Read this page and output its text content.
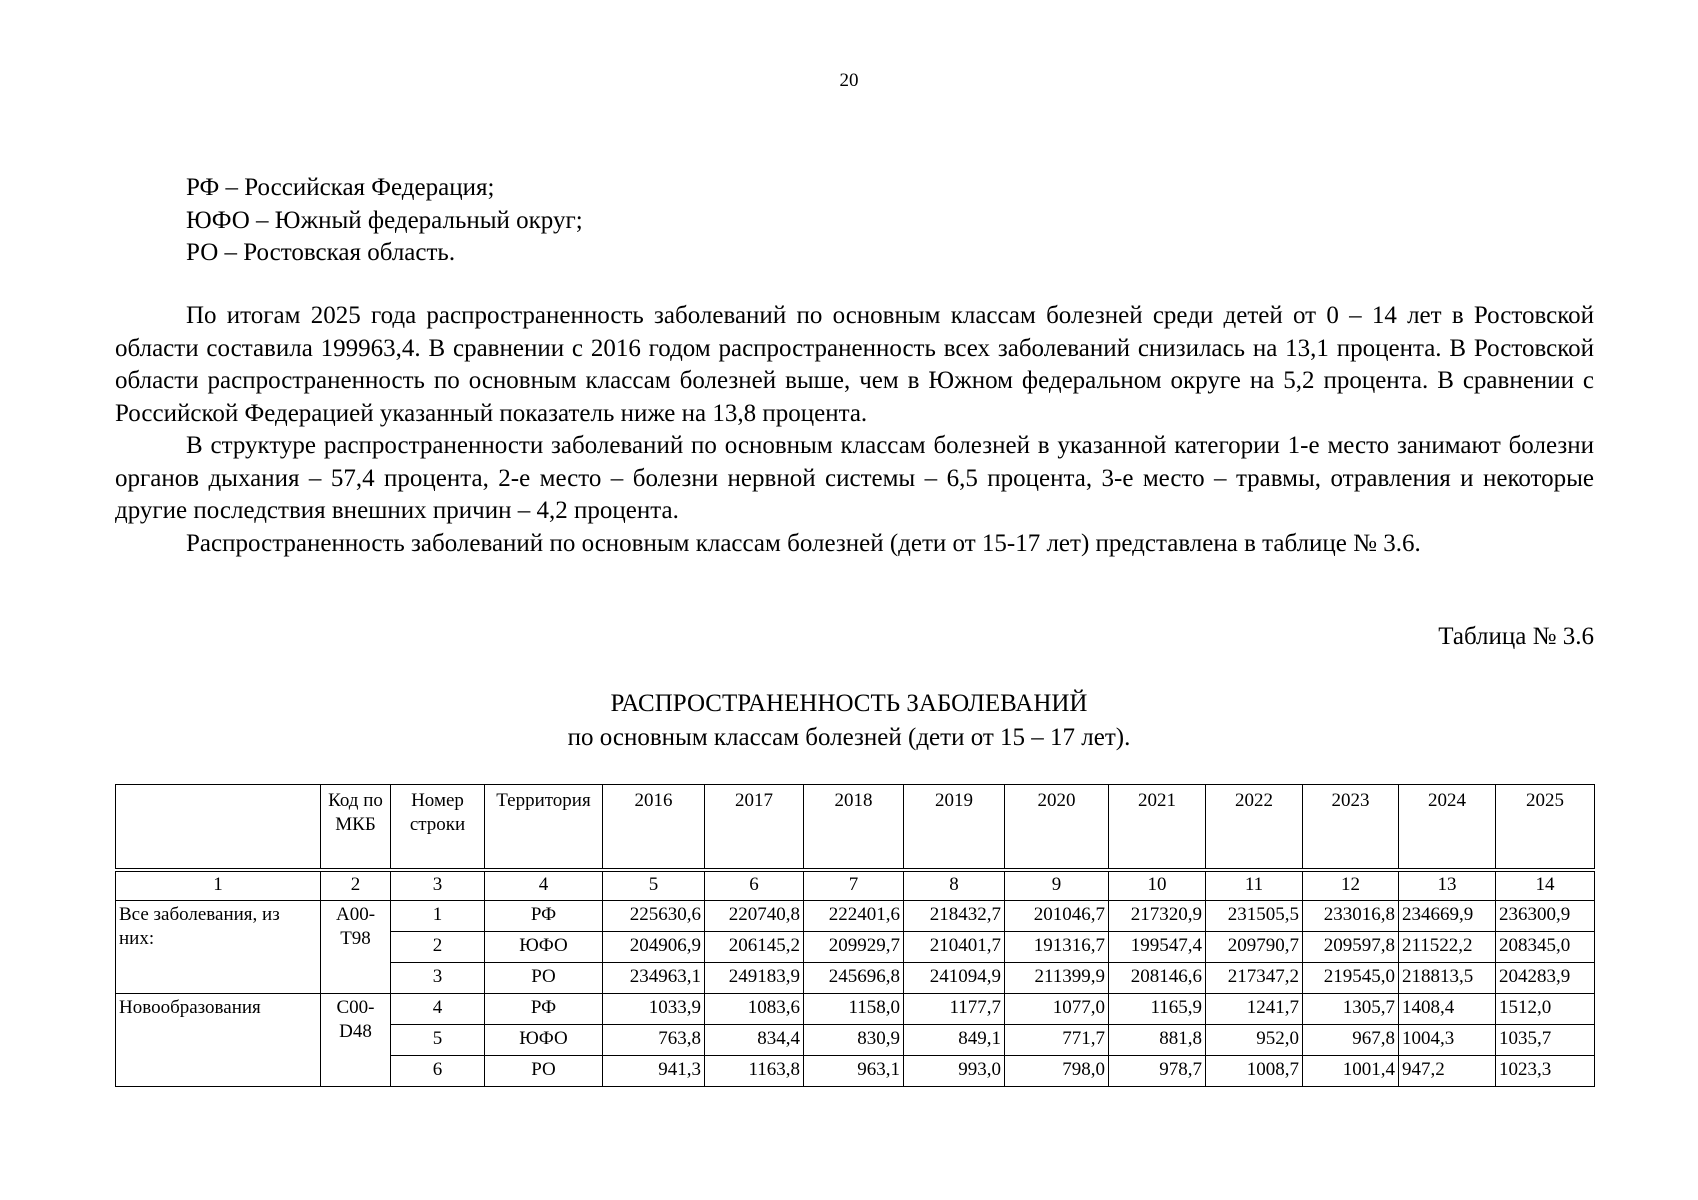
20
РФ – Российская Федерация;
ЮФО – Южный федеральный округ;
РО – Ростовская область.

По итогам 2025 года распространенность заболеваний по основным классам болезней среди детей от 0 – 14 лет в Ростовской области составила 199963,4. В сравнении с 2016 годом распространенность всех заболеваний снизилась на 13,1 процента. В Ростовской области распространенность по основным классам болезней выше, чем в Южном федеральном округе на 5,2 процента. В сравнении с Российской Федерацией указанный показатель ниже на 13,8 процента.

В структуре распространенности заболеваний по основным классам болезней в указанной категории 1-е место занимают болезни органов дыхания – 57,4 процента, 2-е место – болезни нервной системы – 6,5 процента, 3-е место – травмы, отравления и некоторые другие последствия внешних причин – 4,2 процента.

Распространенность заболеваний по основным классам болезней (дети от 15-17 лет) представлена в таблице № 3.6.

Таблица № 3.6
РАСПРОСТРАНЕННОСТЬ ЗАБОЛЕВАНИЙ
по основным классам болезней (дети от 15 – 17 лет).
	Код по МКБ	Номер строки	Территория	2016	2017	2018	2019	2020	2021	2022	2023	2024	2025
1	2	3	4	5	6	7	8	9	10	11	12	13	14
Все заболевания, из них:	А00-Т98	1	РФ	225630,6	220740,8	222401,6	218432,7	201046,7	217320,9	231505,5	233016,8	234669,9	236300,9
		2	ЮФО	204906,9	206145,2	209929,7	210401,7	191316,7	199547,4	209790,7	209597,8	211522,2	208345,0
		3	РО	234963,1	249183,9	245696,8	241094,9	211399,9	208146,6	217347,2	219545,0	218813,5	204283,9
Новообразования	С00-D48	4	РФ	1033,9	1083,6	1158,0	1177,7	1077,0	1165,9	1241,7	1305,7	1408,4	1512,0
		5	ЮФО	763,8	834,4	830,9	849,1	771,7	881,8	952,0	967,8	1004,3	1035,7
		6	РО	941,3	1163,8	963,1	993,0	798,0	978,7	1008,7	1001,4	947,2	1023,3
